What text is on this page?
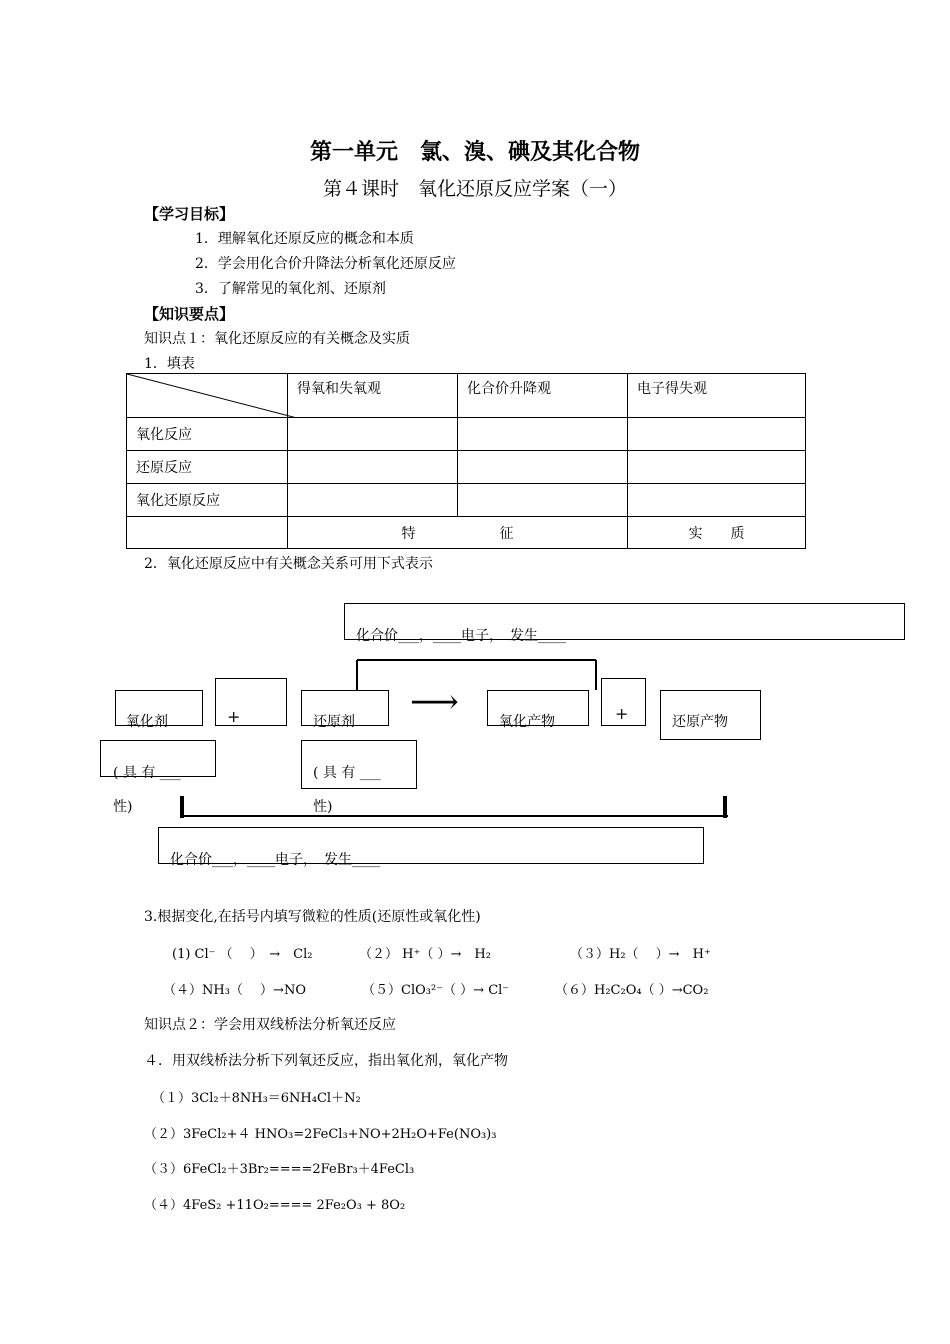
第一单元　氯、溴、碘及其化合物
第４课时　氧化还原反应学案（一）
【学习目标】
1．理解氧化还原反应的概念和本质
2．学会用化合价升降法分析氧化还原反应
3．了解常见的氧化剂、还原剂
【知识要点】
知识点１：氧化还原反应的有关概念及实质
1．填表
	得氧和失氧观	化合价升降观	电子得失观
氧化反应			
还原反应			
氧化还原反应			
	特　　　　　　征		实　　质
2．氧化还原反应中有关概念关系可用下式表示
化合价___，____电子，　发生____
氧化剂	+	还原剂 ⟶	氧化产物	+	还原产物
( 具 有 ___
性)
( 具 有 ___
性)
化合价___，____电子，　发生____
3.根据变化,在括号内填写微粒的性质(还原性或氧化性)
(1) Cl⁻ （　 ）　→　Cl₂	（２） H⁺（ ）→　H₂	（３）H₂（　 ）→　H⁺
（４）NH₃（　 ）→NO	（５）ClO₃²⁻（ ）→ Cl⁻	（６）H₂C₂O₄（ ）→CO₂
知识点２：学会用双线桥法分析氧还反应
４．用双线桥法分析下列氧还反应，指出氧化剂，氧化产物
（１）3Cl₂＋8NH₃＝6NH₄Cl＋N₂
（２）3FeCl₂+４ HNO₃=2FeCl₃+NO+2H₂O+Fe(NO₃)₃
（３）6FeCl₂＋3Br₂====2FeBr₃＋4FeCl₃
（４）4FeS₂ +11O₂==== 2Fe₂O₃ + 8O₂
